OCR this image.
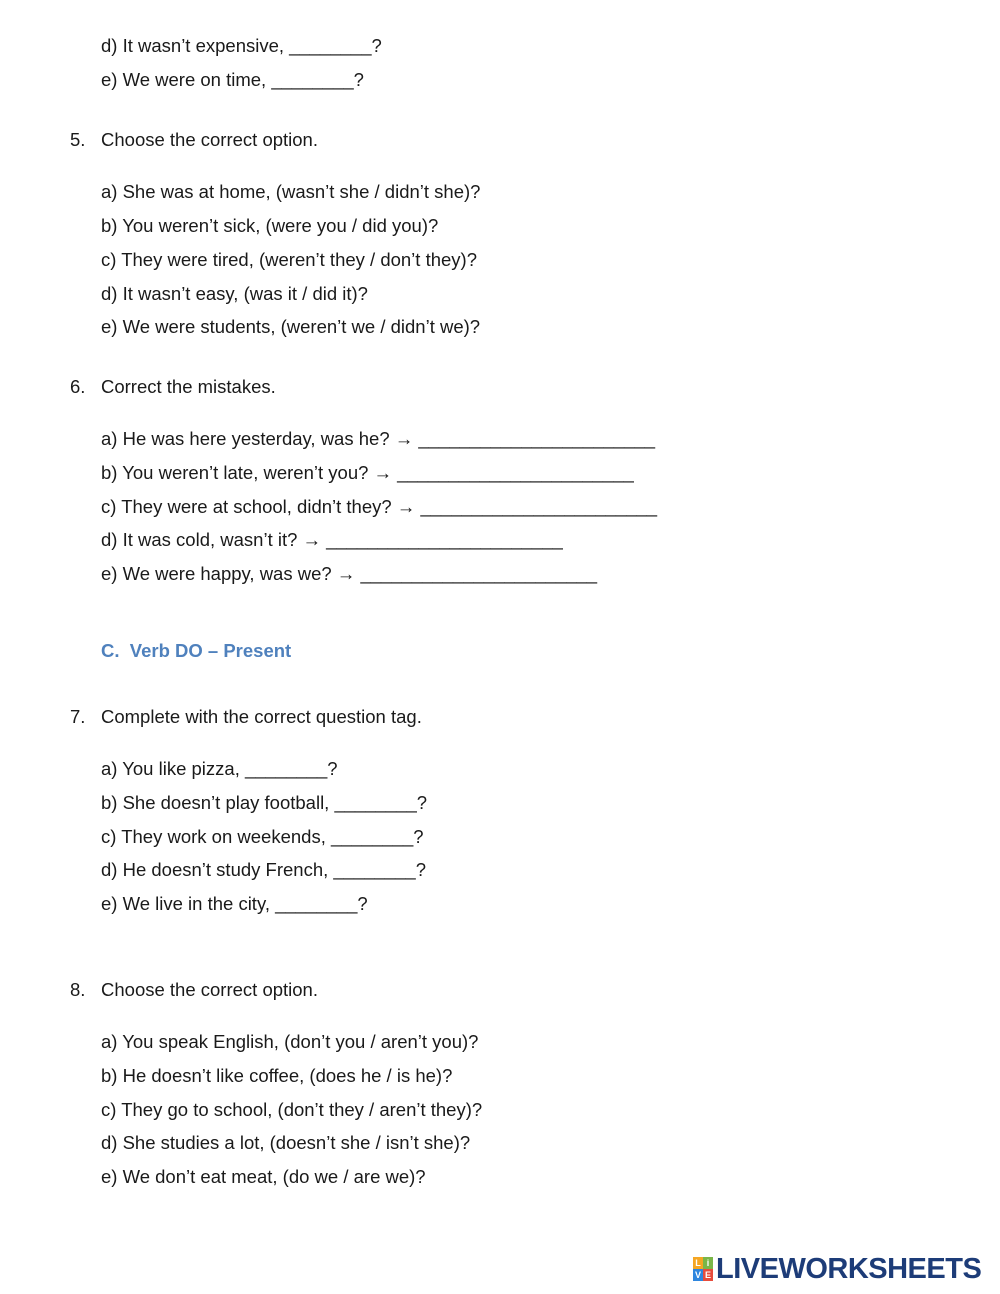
d) It wasn’t expensive, ________?
e) We were on time, ________?
5. Choose the correct option.
a) She was at home, (wasn’t she / didn’t she)?
b) You weren’t sick, (were you / did you)?
c) They were tired, (weren’t they / don’t they)?
d) It wasn’t easy, (was it / did it)?
e) We were students, (weren’t we / didn’t we)?
6. Correct the mistakes.
a) He was here yesterday, was he? → _______________________
b) You weren’t late, weren’t you? → _______________________
c) They were at school, didn’t they? → _______________________
d) It was cold, wasn’t it? → _______________________
e) We were happy, was we? → _______________________
C.  Verb DO – Present
7. Complete with the correct question tag.
a) You like pizza, ________?
b) She doesn’t play football, ________?
c) They work on weekends, ________?
d) He doesn’t study French, ________?
e) We live in the city, ________?
8. Choose the correct option.
a) You speak English, (don’t you / aren’t you)?
b) He doesn’t like coffee, (does he / is he)?
c) They go to school, (don’t they / aren’t they)?
d) She studies a lot, (doesn’t she / isn’t she)?
e) We don’t eat meat, (do we / are we)?
L i
V E LIVEWORKSHEETS
